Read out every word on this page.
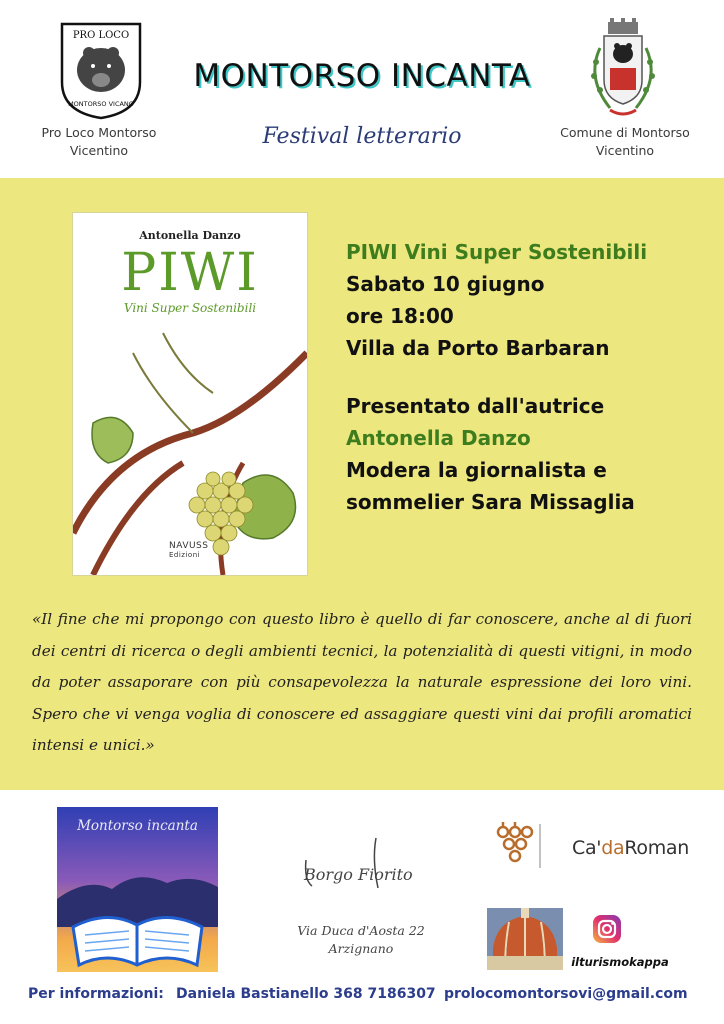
PRO LOCO
MONTORSO VICANO
Pro Loco Montorso
Vicentino
MONTORSO INCANTA
Festival letterario	Comune di Montorso
Vicentino
Antonella Danzo
PIWI
Vini Super Sostenibili
NAVUSS
Edizioni
PIWI Vini Super Sostenibili
Sabato 10 giugno
ore 18:00
Villa da Porto Barbaran
Presentato dall'autrice
Antonella Danzo
Modera la giornalista e
sommelier Sara Missaglia
«Il fine che mi propongo con questo libro è quello di far conoscere, anche al di fuori dei centri di ricerca o degli ambienti tecnici, la potenzialità di questi vitigni, in modo da poter assaporare con più consapevolezza la naturale espressione dei loro vini. Spero che vi venga voglia di conoscere ed assaggiare questi vini dai profili aromatici intensi e unici.»
Montorso incanta
Borgo Fiorito
Via Duca d'Aosta 22
Arzignano
Ca'daRoman
ilturismokappa
Per informazioni: Daniela Bastianello 368 7186307 prolocomontorsovi@gmail.com
